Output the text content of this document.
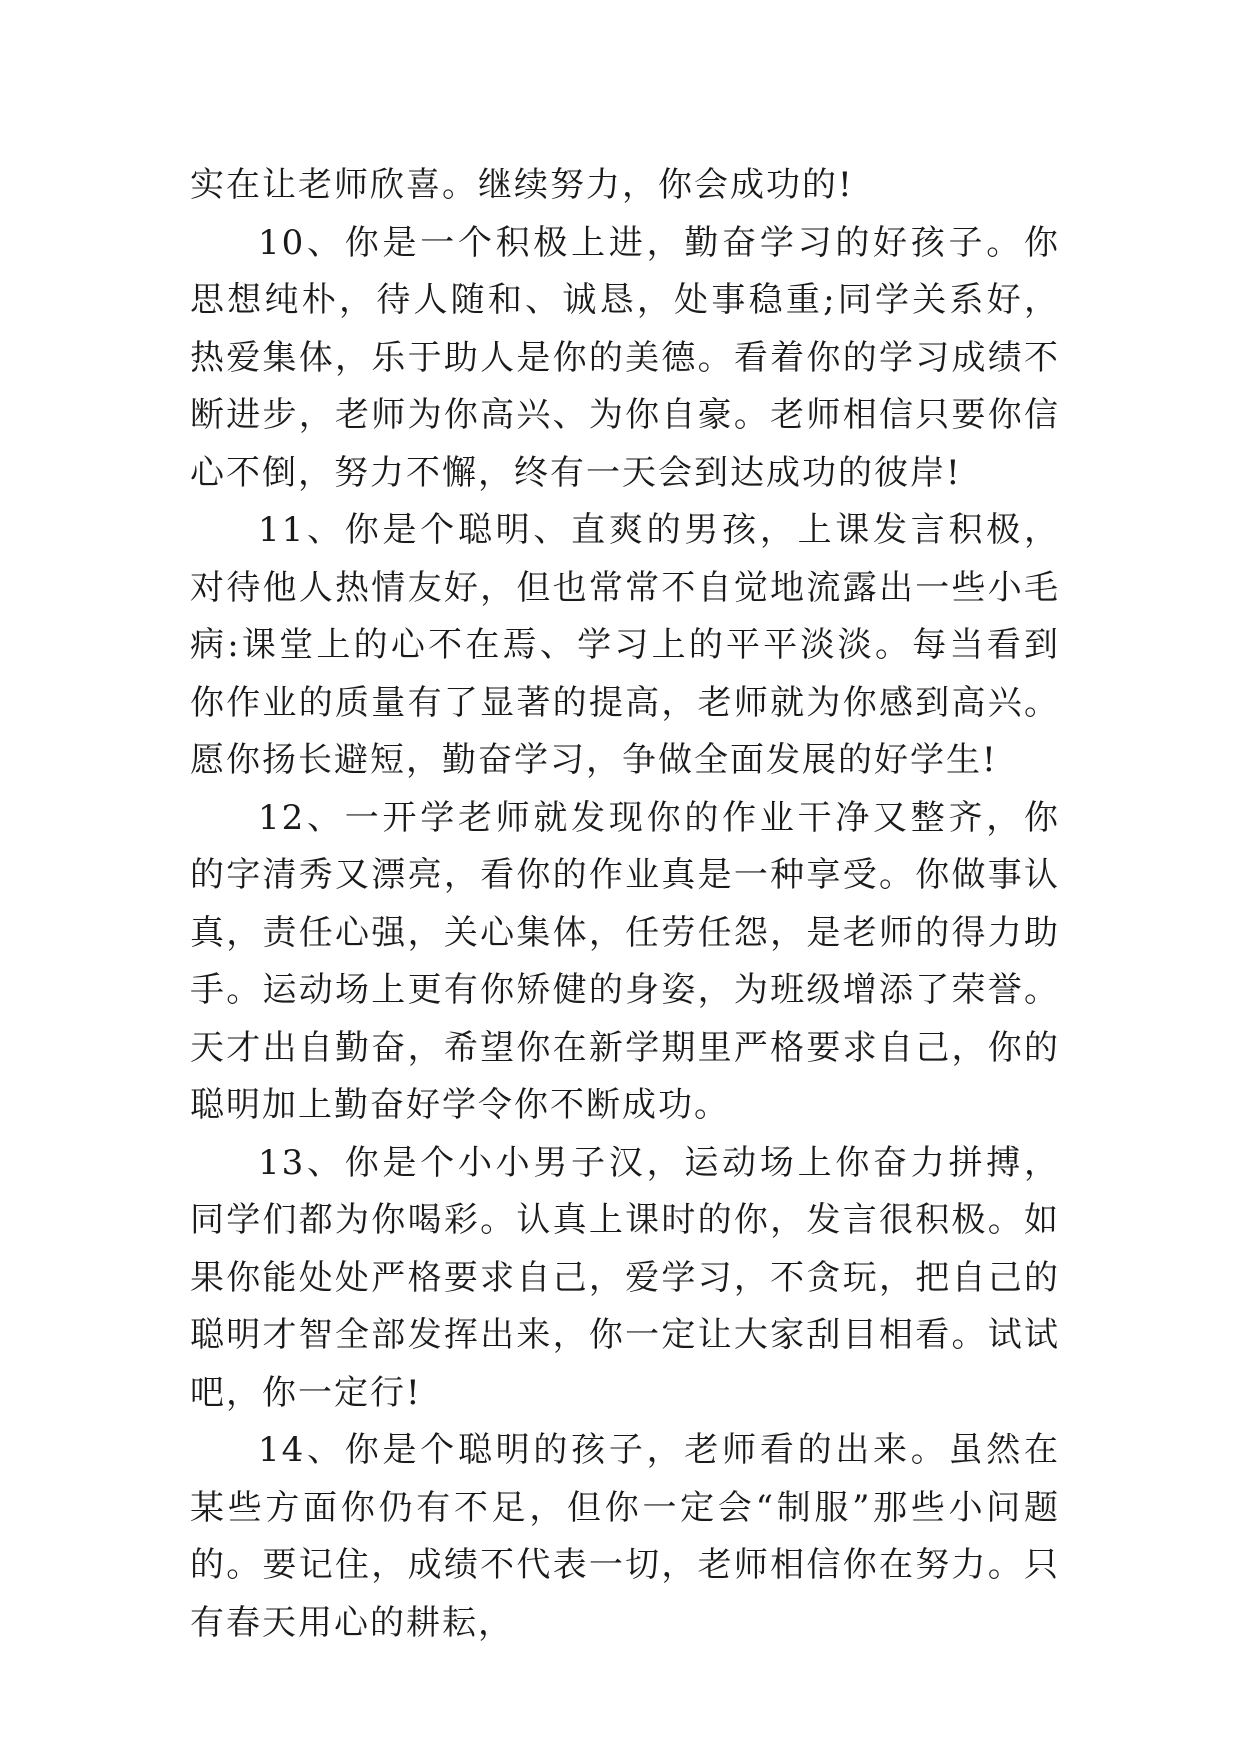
实在让老师欣喜。继续努力，你会成功的!

10、你是一个积极上进，勤奋学习的好孩子。你思想纯朴，待人随和、诚恳，处事稳重;同学关系好，热爱集体，乐于助人是你的美德。看着你的学习成绩不断进步，老师为你高兴、为你自豪。老师相信只要你信心不倒，努力不懈，终有一天会到达成功的彼岸!

11、你是个聪明、直爽的男孩，上课发言积极，对待他人热情友好，但也常常不自觉地流露出一些小毛病:课堂上的心不在焉、学习上的平平淡淡。每当看到你作业的质量有了显著的提高，老师就为你感到高兴。愿你扬长避短，勤奋学习，争做全面发展的好学生!

12、一开学老师就发现你的作业干净又整齐，你的字清秀又漂亮，看你的作业真是一种享受。你做事认真，责任心强，关心集体，任劳任怨，是老师的得力助手。运动场上更有你矫健的身姿，为班级增添了荣誉。天才出自勤奋，希望你在新学期里严格要求自己，你的聪明加上勤奋好学令你不断成功。

13、你是个小小男子汉，运动场上你奋力拼搏，同学们都为你喝彩。认真上课时的你，发言很积极。如果你能处处严格要求自己，爱学习，不贪玩，把自己的聪明才智全部发挥出来，你一定让大家刮目相看。试试吧，你一定行!

14、你是个聪明的孩子，老师看的出来。虽然在某些方面你仍有不足，但你一定会“制服”那些小问题的。要记住，成绩不代表一切，老师相信你在努力。只有春天用心的耕耘，
